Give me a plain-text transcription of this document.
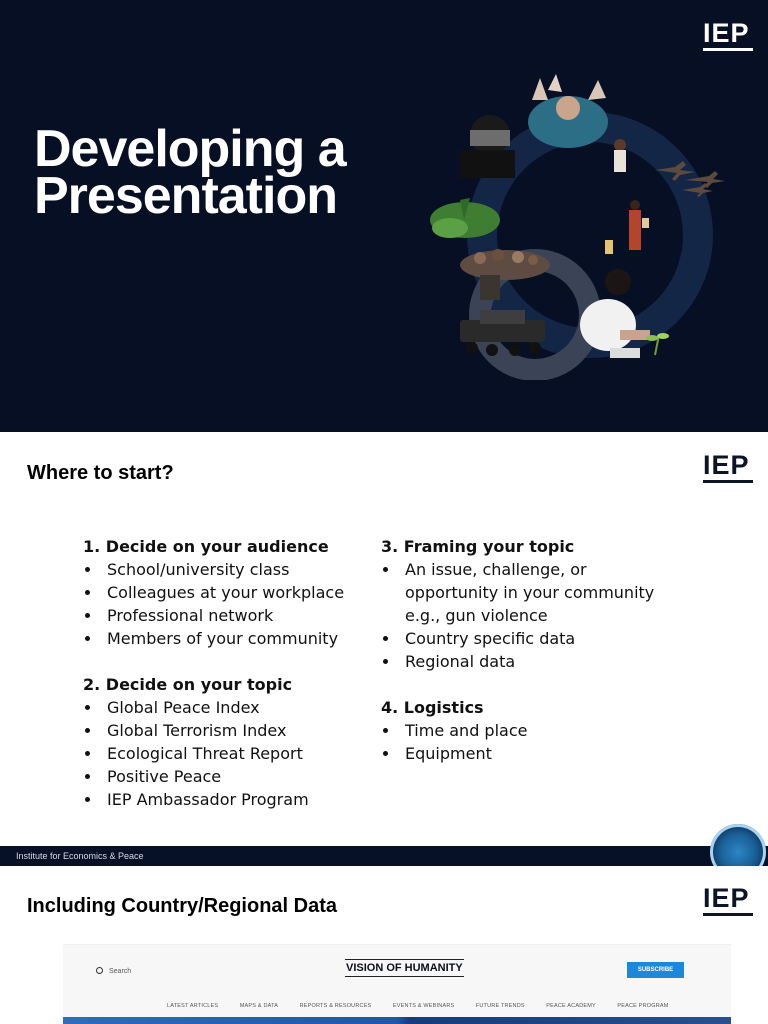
Developing a
Presentation
IEP
Where to start?	IEP
1. Decide on your audience
School/university class
Colleagues at your workplace
Professional network
Members of your community
2. Decide on your topic
Global Peace Index
Global Terrorism Index
Ecological Threat Report
Positive Peace
IEP Ambassador Program
3. Framing your topic
An issue, challenge, or opportunity in your community e.g., gun violence
Country specific data
Regional data
4. Logistics
Time and place
Equipment
Institute for Economics & Peace
Including Country/Regional Data	IEP
Search	VISION OF HUMANITY	SUBSCRIBE
LATEST ARTICLES	MAPS & DATA	REPORTS & RESOURCES	EVENTS & WEBINARS	FUTURE TRENDS	PEACE ACADEMY	PEACE PROGRAM
